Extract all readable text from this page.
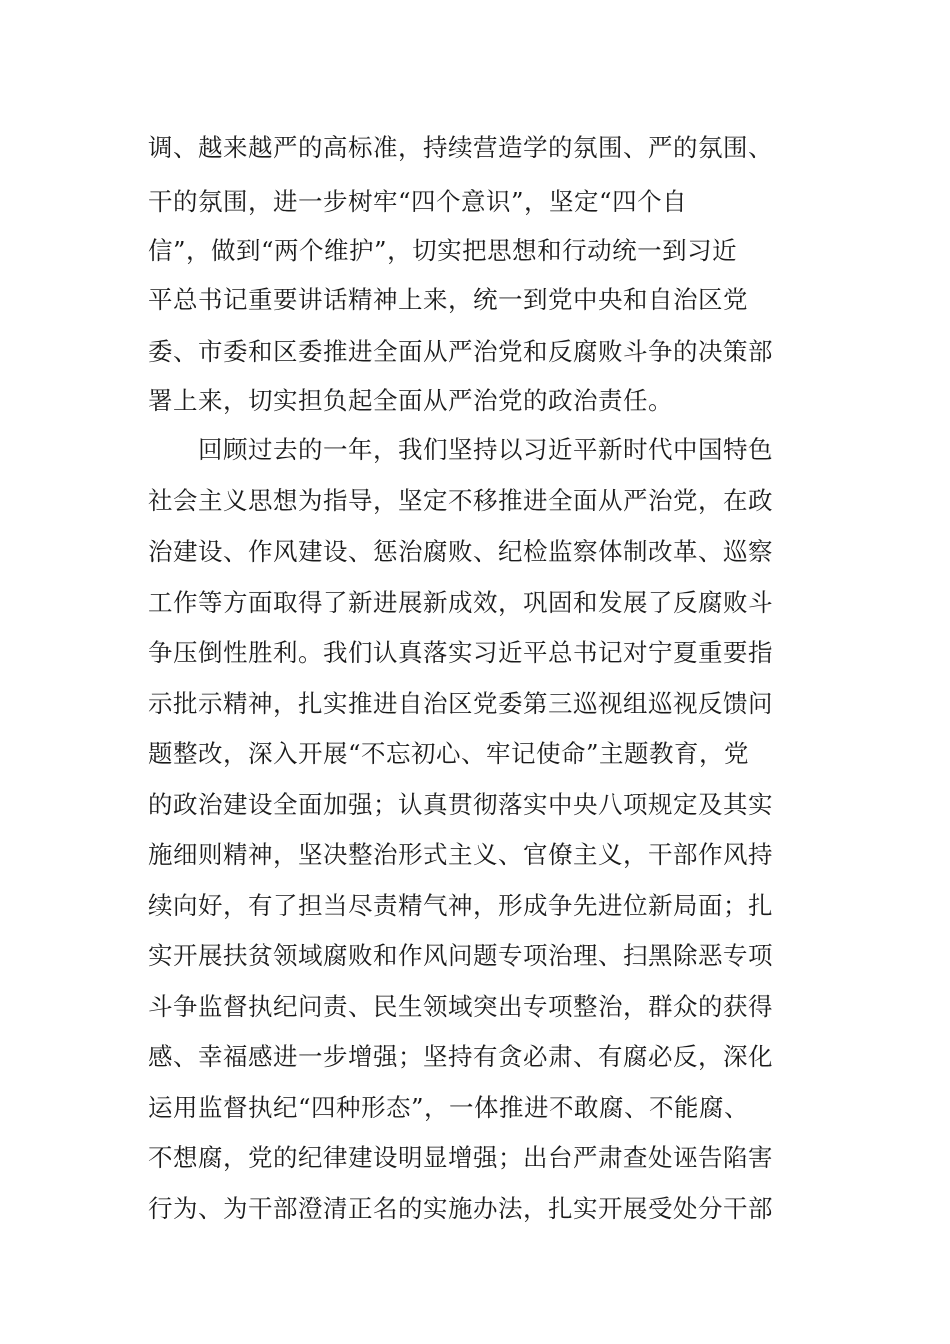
调、越来越严的高标准，持续营造学的氛围、严的氛围、
干的氛围，进一步树牢“四个意识”，坚定“四个自
信”，做到“两个维护”，切实把思想和行动统一到习近
平总书记重要讲话精神上来，统一到党中央和自治区党
委、市委和区委推进全面从严治党和反腐败斗争的决策部
署上来，切实担负起全面从严治党的政治责任。
回顾过去的一年，我们坚持以习近平新时代中国特色
社会主义思想为指导，坚定不移推进全面从严治党，在政
治建设、作风建设、惩治腐败、纪检监察体制改革、巡察
工作等方面取得了新进展新成效，巩固和发展了反腐败斗
争压倒性胜利。我们认真落实习近平总书记对宁夏重要指
示批示精神，扎实推进自治区党委第三巡视组巡视反馈问
题整改，深入开展“不忘初心、牢记使命”主题教育，党
的政治建设全面加强；认真贯彻落实中央八项规定及其实
施细则精神，坚决整治形式主义、官僚主义，干部作风持
续向好，有了担当尽责精气神，形成争先进位新局面；扎
实开展扶贫领域腐败和作风问题专项治理、扫黑除恶专项
斗争监督执纪问责、民生领域突出专项整治，群众的获得
感、幸福感进一步增强；坚持有贪必肃、有腐必反，深化
运用监督执纪“四种形态”，一体推进不敢腐、不能腐、
不想腐，党的纪律建设明显增强；出台严肃查处诬告陷害
行为、为干部澄清正名的实施办法，扎实开展受处分干部
